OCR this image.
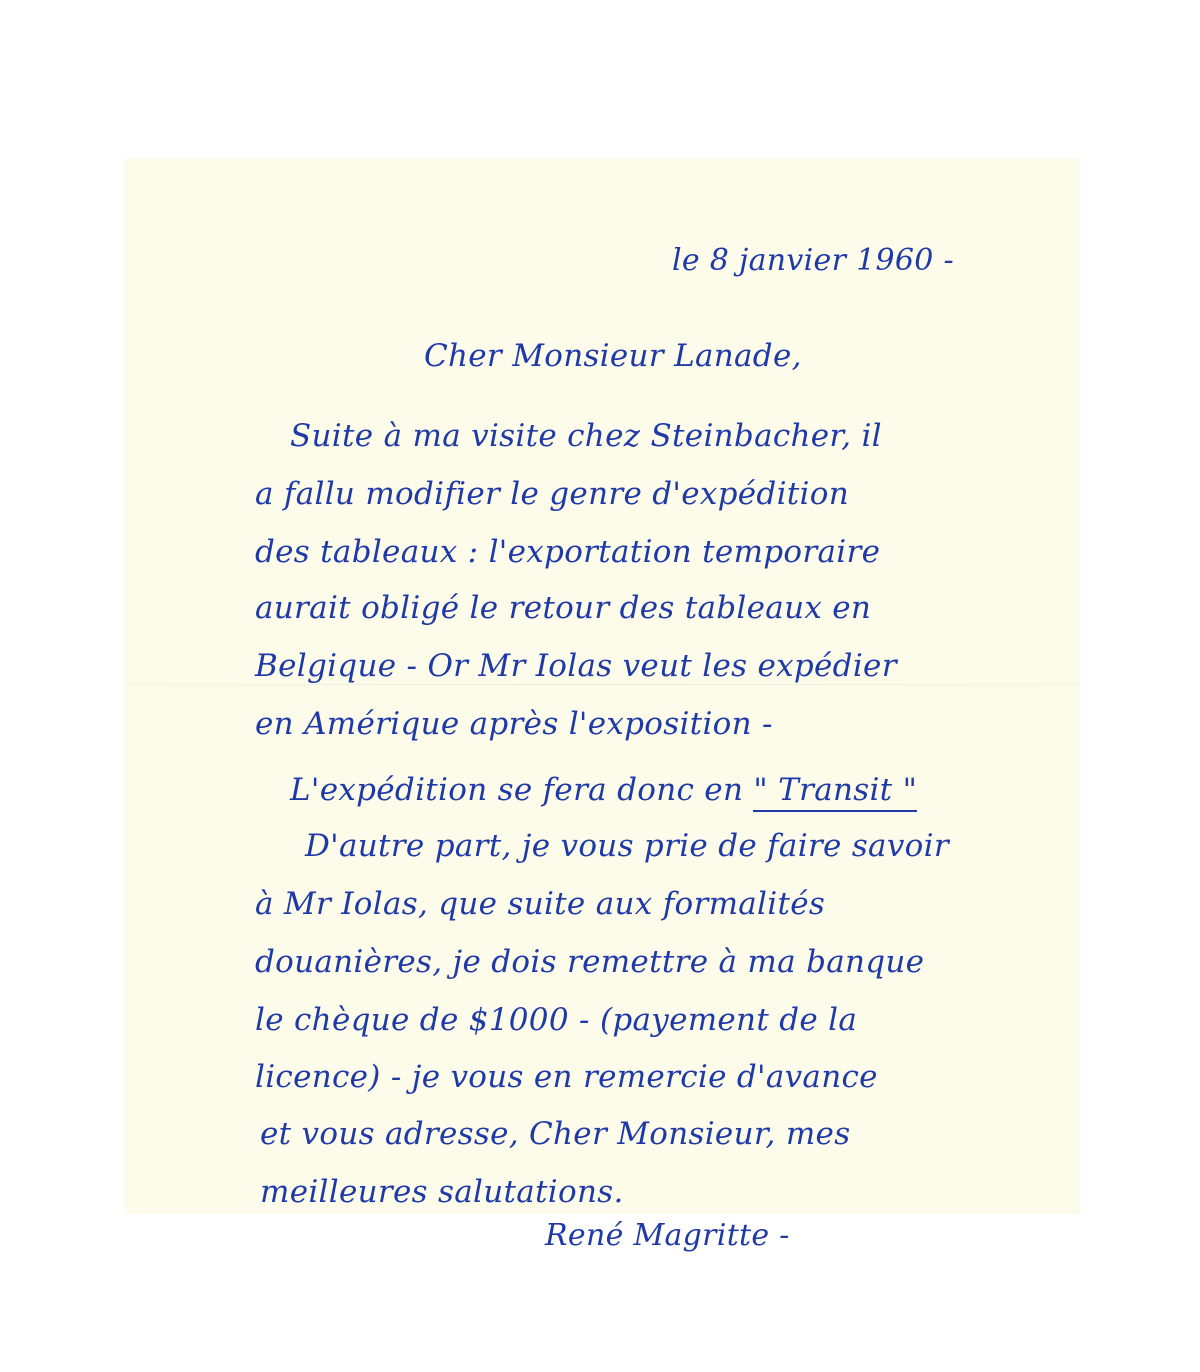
le 8 janvier 1960 -
Cher Monsieur Lanade,
Suite à ma visite chez Steinbacher, il
a fallu modifier le genre d'expédition
des tableaux : l'exportation temporaire
aurait obligé le retour des tableaux en
Belgique - Or Mr Iolas veut les expédier
en Amérique après l'exposition -
L'expédition se fera donc en " Transit "
D'autre part, je vous prie de faire savoir
à Mr Iolas, que suite aux formalités
douanières, je dois remettre à ma banque
le chèque de $1000 - (payement de la
licence) - je vous en remercie d'avance
et vous adresse, Cher Monsieur, mes
meilleures salutations.
René Magritte -
